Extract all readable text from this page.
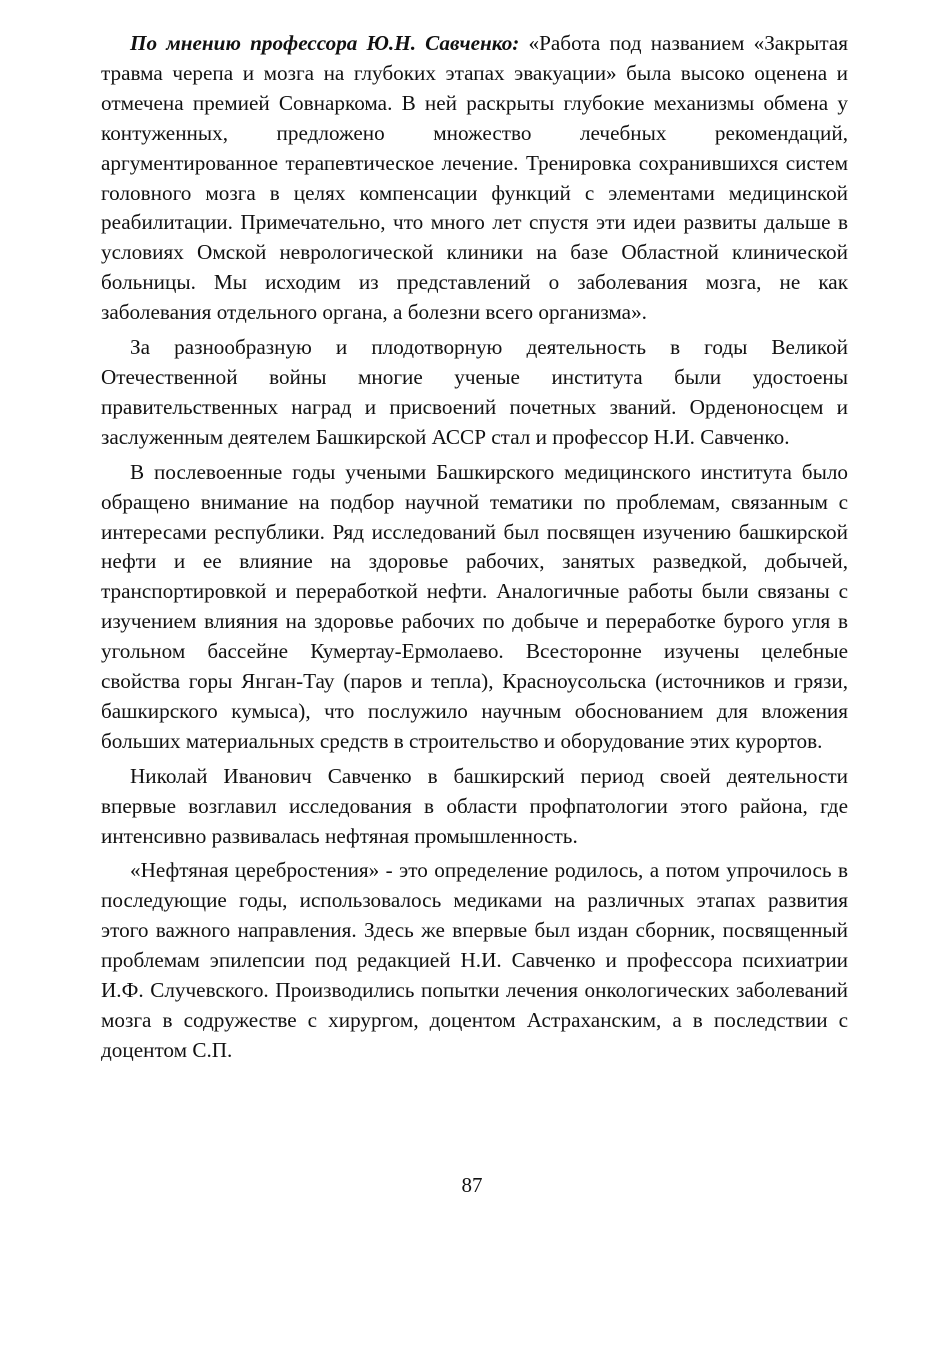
По мнению профессора Ю.Н. Савченко: «Работа под названием «Закрытая травма черепа и мозга на глубоких этапах эвакуации» была высоко оценена и отмечена премией Совнаркома. В ней раскрыты глубокие механизмы обмена у контуженных, предложено множество лечебных рекомендаций, аргументированное терапевтическое лечение. Тренировка сохранившихся систем головного мозга в целях компенсации функций с элементами медицинской реабилитации. Примечательно, что много лет спустя эти идеи развиты дальше в условиях Омской неврологической клиники на базе Областной клинической больницы. Мы исходим из представлений о заболевания мозга, не как заболевания отдельного органа, а болезни всего организма».

За разнообразную и плодотворную деятельность в годы Великой Отечественной войны многие ученые института были удостоены правительственных наград и присвоений почетных званий. Орденоносцем и заслуженным деятелем Башкирской АССР стал и профессор Н.И. Савченко.

В послевоенные годы учеными Башкирского медицинского института было обращено внимание на подбор научной тематики по проблемам, связанным с интересами республики. Ряд исследований был посвящен изучению башкирской нефти и ее влияние на здоровье рабочих, занятых разведкой, добычей, транспортировкой и переработкой нефти. Аналогичные работы были связаны с изучением влияния на здоровье рабочих по добыче и переработке бурого угля в угольном бассейне Кумертау-Ермолаево. Всесторонне изучены целебные свойства горы Янган-Тау (паров и тепла), Красноусольска (источников и грязи, башкирского кумыса), что послужило научным обоснованием для вложения больших материальных средств в строительство и оборудование этих курортов.

Николай Иванович Савченко в башкирский период своей деятельности впервые возглавил исследования в области профпатологии этого района, где интенсивно развивалась нефтяная промышленность.

«Нефтяная церебростения» - это определение родилось, а потом упрочилось в последующие годы, использовалось медиками на различных этапах развития этого важного направления. Здесь же впервые был издан сборник, посвященный проблемам эпилепсии под редакцией Н.И. Савченко и профессора психиатрии И.Ф. Случевского. Производились попытки лечения онкологических заболеваний мозга в содружестве с хирургом, доцентом Астраханским, а в последствии с доцентом С.П.

87
